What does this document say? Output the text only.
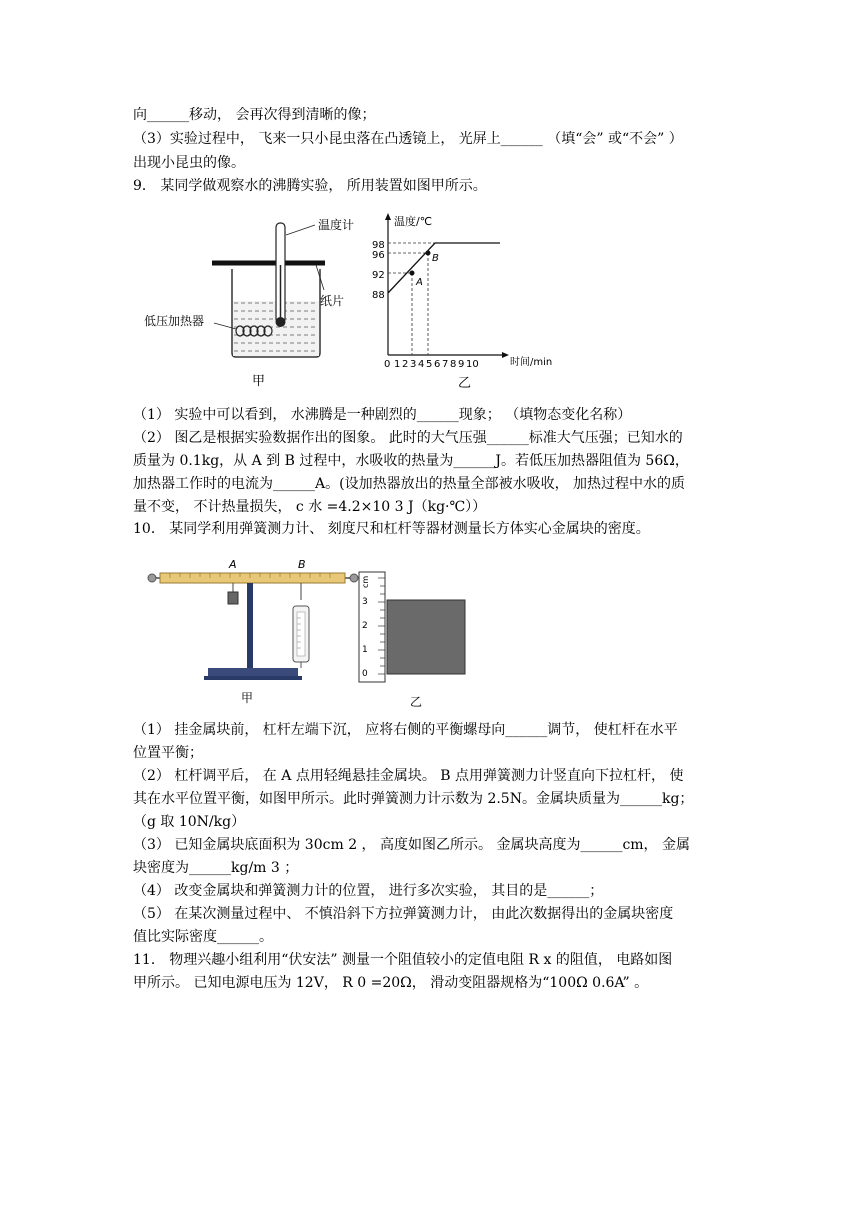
向______移动， 会再次得到清晰的像；
（3）实验过程中， 飞来一只小昆虫落在凸透镜上， 光屏上______ （填“会” 或“不会” ）
出现小昆虫的像。
9． 某同学做观察水的沸腾实验， 所用装置如图甲所示。
温度计
低压加热器
纸片
甲
温度/℃
时间/min
98
96
92
88
A
B
0 1 2 3 4 5 6 7 8 9 10
乙
（1） 实验中可以看到， 水沸腾是一种剧烈的______现象； （填物态变化名称）
（2） 图乙是根据实验数据作出的图象。 此时的大气压强______标准大气压强；已知水的
质量为 0.1kg，从 A 到 B 过程中，水吸收的热量为______J。若低压加热器阻值为 56Ω，
加热器工作时的电流为______A。(设加热器放出的热量全部被水吸收， 加热过程中水的质
量不变， 不计热量损失， c 水 =4.2×10 3 J（kg·℃））
10． 某同学利用弹簧测力计、 刻度尺和杠杆等器材测量长方体实心金属块的密度。
A	B
甲
0
1
2
3
cm
乙
（1） 挂金属块前， 杠杆左端下沉， 应将右侧的平衡螺母向______调节， 使杠杆在水平
位置平衡；
（2） 杠杆调平后， 在 A 点用轻绳悬挂金属块。 B 点用弹簧测力计竖直向下拉杠杆， 使
其在水平位置平衡，如图甲所示。此时弹簧测力计示数为 2.5N。金属块质量为______kg；
（g 取 10N/kg）
（3） 已知金属块底面积为 30cm 2 ， 高度如图乙所示。 金属块高度为______cm， 金属
块密度为______kg/m 3 ；
（4） 改变金属块和弹簧测力计的位置， 进行多次实验， 其目的是______；
（5） 在某次测量过程中、 不慎沿斜下方拉弹簧测力计， 由此次数据得出的金属块密度
值比实际密度______。
11． 物理兴趣小组利用“伏安法” 测量一个阻值较小的定值电阻 R x 的阻值， 电路如图
甲所示。 已知电源电压为 12V， R 0 =20Ω， 滑动变阻器规格为“100Ω 0.6A” 。
